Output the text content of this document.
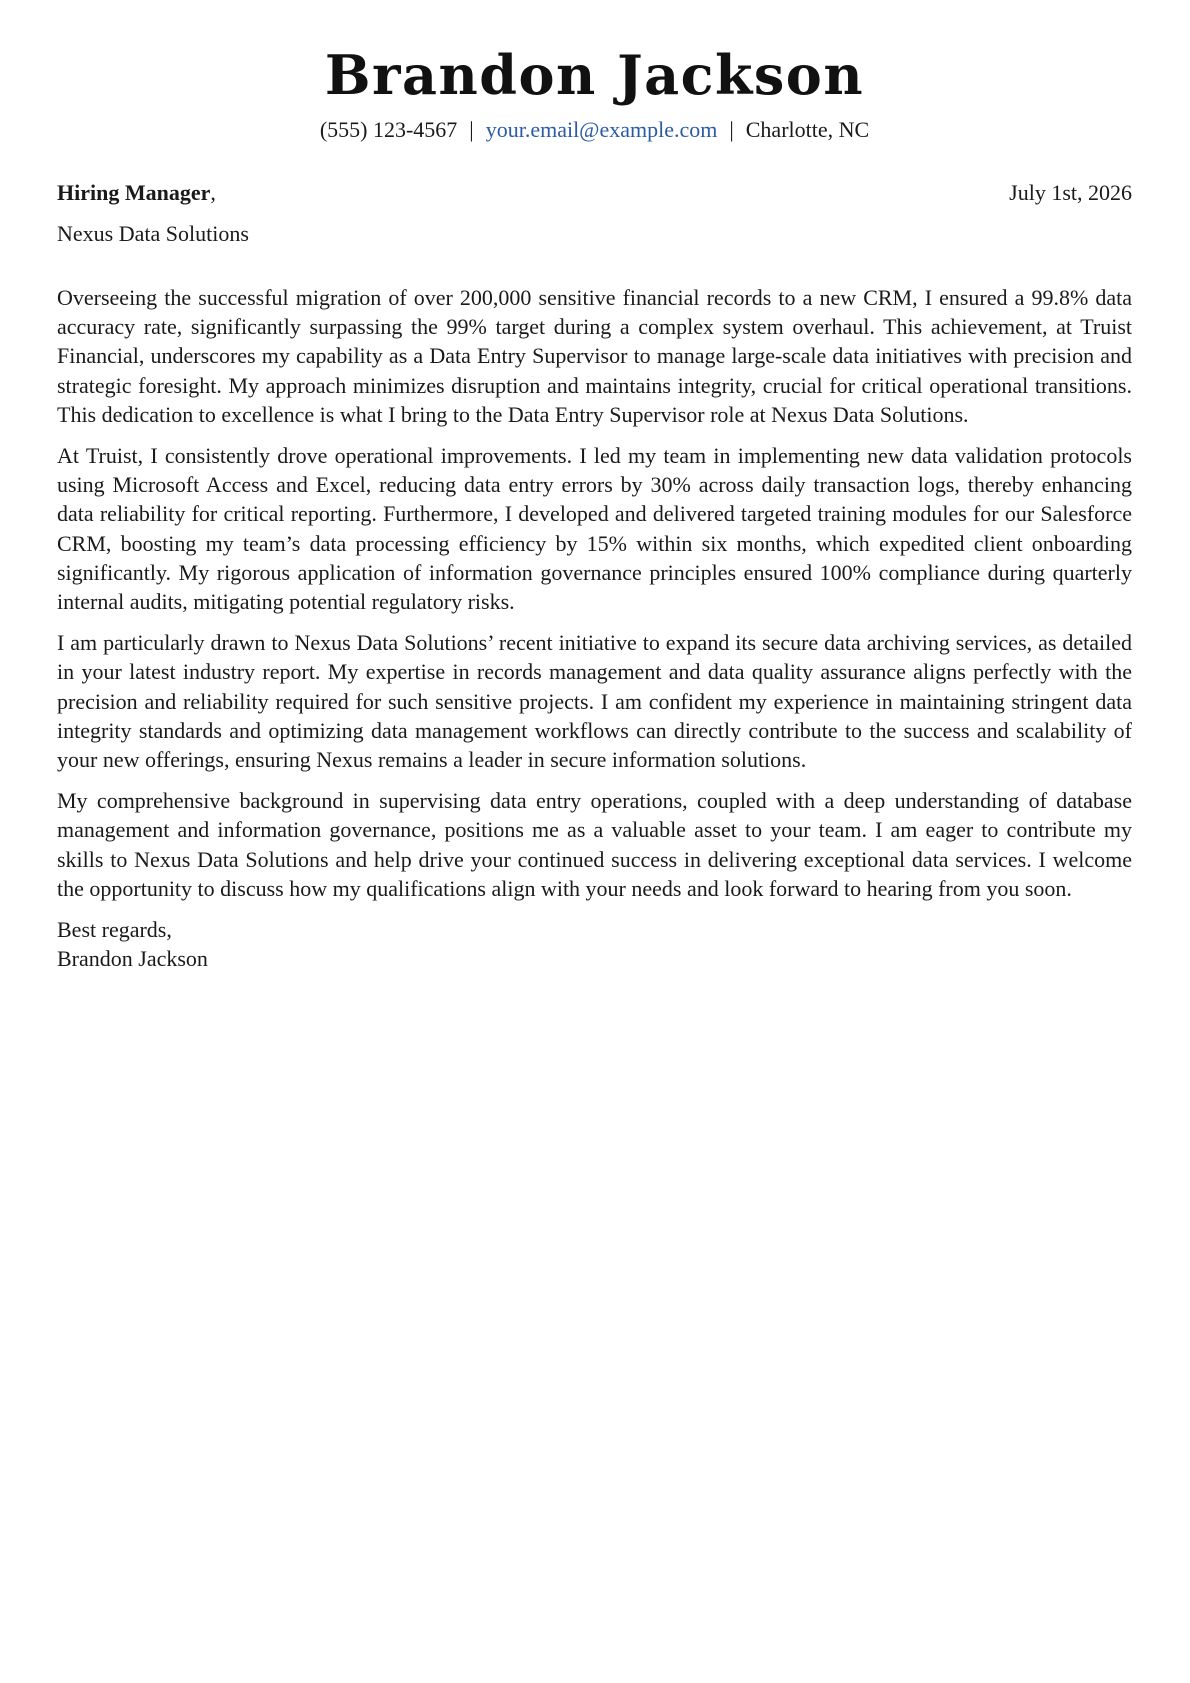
Brandon Jackson
(555) 123-4567 | your.email@example.com | Charlotte, NC
Hiring Manager,	July 1st, 2026
Nexus Data Solutions

Overseeing the successful migration of over 200,000 sensitive financial records to a new CRM, I ensured a 99.8% data accuracy rate, significantly surpassing the 99% target during a complex system overhaul. This achievement, at Truist Financial, underscores my capability as a Data Entry Supervisor to manage large-scale data initiatives with precision and strategic foresight. My approach minimizes disruption and maintains integrity, crucial for critical operational transitions. This dedication to excellence is what I bring to the Data Entry Supervisor role at Nexus Data Solutions.

At Truist, I consistently drove operational improvements. I led my team in implementing new data validation protocols using Microsoft Access and Excel, reducing data entry errors by 30% across daily transaction logs, thereby enhancing data reliability for critical reporting. Furthermore, I developed and delivered targeted training modules for our Salesforce CRM, boosting my team’s data processing efficiency by 15% within six months, which expedited client onboarding significantly. My rigorous application of information governance principles ensured 100% compliance during quarterly internal audits, mitigating potential regulatory risks.

I am particularly drawn to Nexus Data Solutions’ recent initiative to expand its secure data archiving services, as detailed in your latest industry report. My expertise in records management and data quality assurance aligns perfectly with the precision and reliability required for such sensitive projects. I am confident my experience in maintaining stringent data integrity standards and optimizing data management workflows can directly contribute to the success and scalability of your new offerings, ensuring Nexus remains a leader in secure information solutions.

My comprehensive background in supervising data entry operations, coupled with a deep understanding of database management and information governance, positions me as a valuable asset to your team. I am eager to contribute my skills to Nexus Data Solutions and help drive your continued success in delivering exceptional data services. I welcome the opportunity to discuss how my qualifications align with your needs and look forward to hearing from you soon.

Best regards,
Brandon Jackson
